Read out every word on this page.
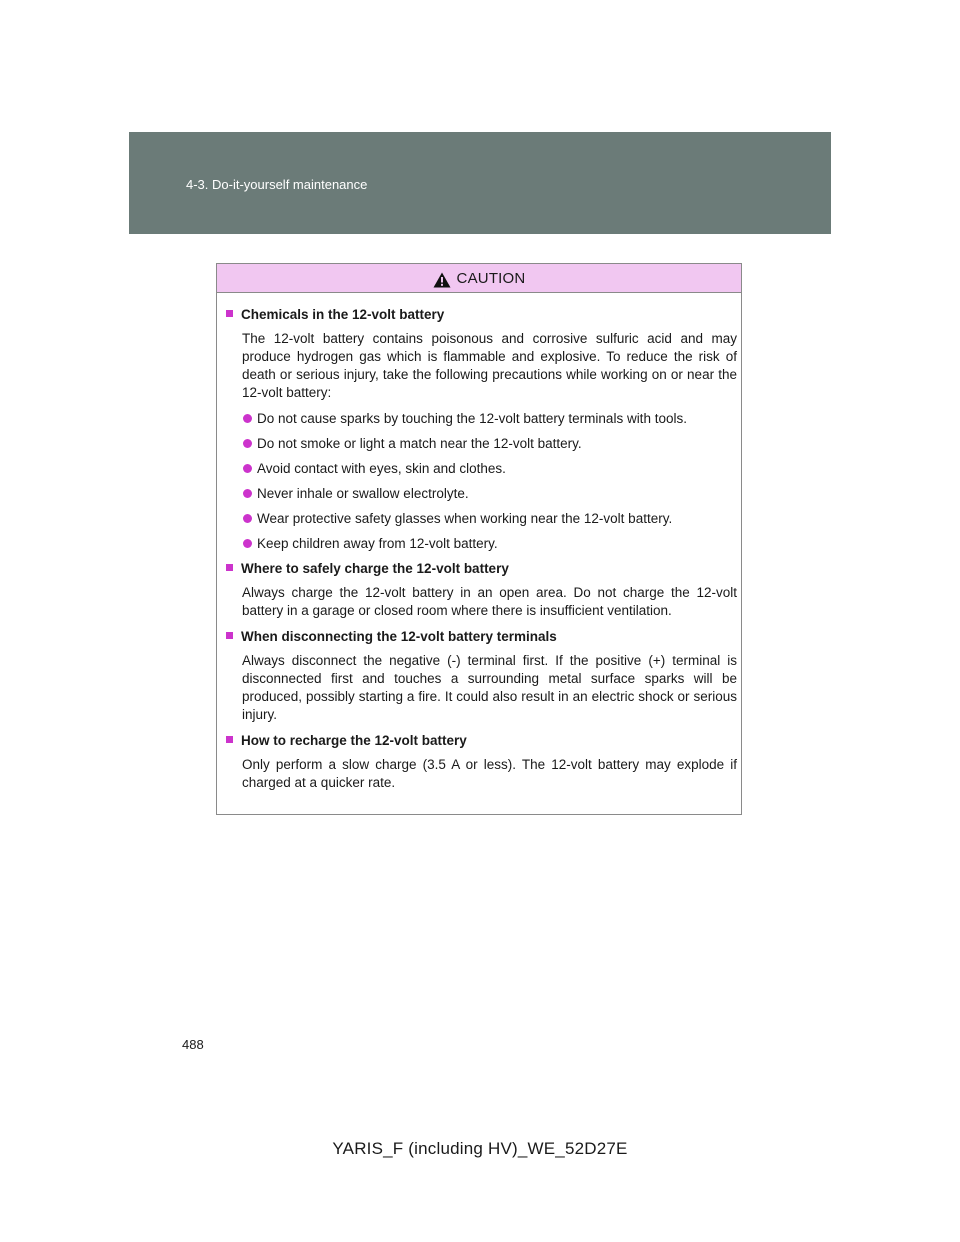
4-3. Do-it-yourself maintenance
CAUTION
Chemicals in the 12-volt battery
The 12-volt battery contains poisonous and corrosive sulfuric acid and may produce hydrogen gas which is flammable and explosive. To reduce the risk of death or serious injury, take the following precautions while working on or near the 12-volt battery:
Do not cause sparks by touching the 12-volt battery terminals with tools.
Do not smoke or light a match near the 12-volt battery.
Avoid contact with eyes, skin and clothes.
Never inhale or swallow electrolyte.
Wear protective safety glasses when working near the 12-volt battery.
Keep children away from 12-volt battery.
Where to safely charge the 12-volt battery
Always charge the 12-volt battery in an open area. Do not charge the 12-volt battery in a garage or closed room where there is insufficient ventilation.
When disconnecting the 12-volt battery terminals
Always disconnect the negative (-) terminal first. If the positive (+) terminal is disconnected first and touches a surrounding metal surface sparks will be produced, possibly starting a fire. It could also result in an electric shock or serious injury.
How to recharge the 12-volt battery
Only perform a slow charge (3.5 A or less). The 12-volt battery may explode if charged at a quicker rate.
488
YARIS_F (including HV)_WE_52D27E
